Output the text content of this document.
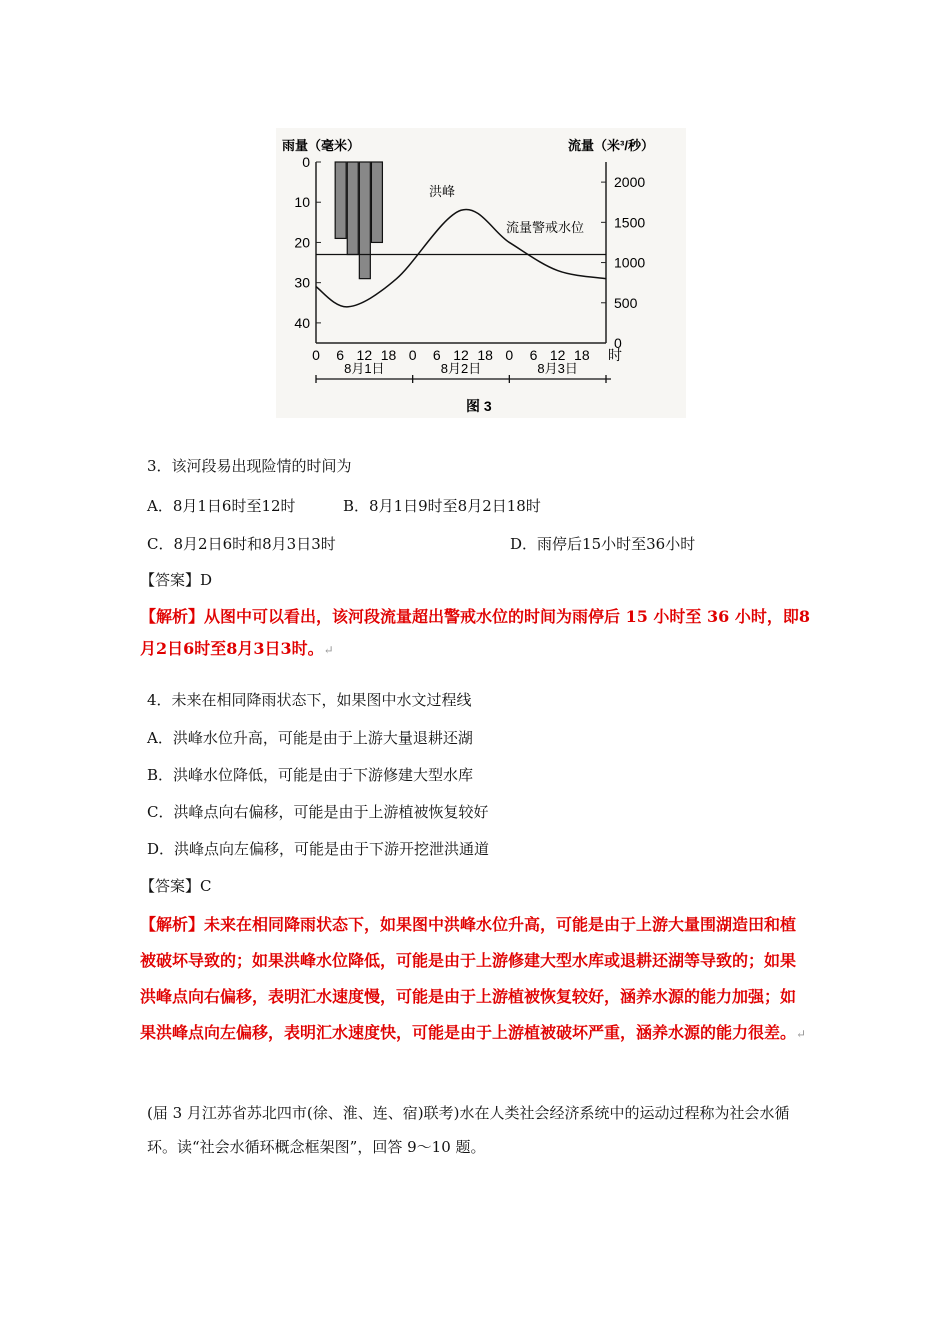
雨量（毫米）	流量（米³/秒）
0
10
20
30
40
2000
1500
1000
500
0
洪峰
流量警戒水位
0 6 12 18 0 6 12 18 0 6 12 18 时
8月1日	8月2日	8月3日
图 3
3．该河段易出现险情的时间为
A．8月1日6时至12时	B．8月1日9时至8月2日18时
C．8月2日6时和8月3日3时	D．雨停后15小时至36小时
【答案】D
【解析】从图中可以看出，该河段流量超出警戒水位的时间为雨停后 15 小时至 36 小时，即8月2日6时至8月3日3时。↵
4．未来在相同降雨状态下，如果图中水文过程线
A．洪峰水位升高，可能是由于上游大量退耕还湖
B．洪峰水位降低，可能是由于下游修建大型水库
C．洪峰点向右偏移，可能是由于上游植被恢复较好
D．洪峰点向左偏移，可能是由于下游开挖泄洪通道
【答案】C
【解析】未来在相同降雨状态下，如果图中洪峰水位升高，可能是由于上游大量围湖造田和植被破坏导致的；如果洪峰水位降低，可能是由于上游修建大型水库或退耕还湖等导致的；如果洪峰点向右偏移，表明汇水速度慢，可能是由于上游植被恢复较好，涵养水源的能力加强；如果洪峰点向左偏移，表明汇水速度快，可能是由于上游植被破坏严重，涵养水源的能力很差。↵
(届 3 月江苏省苏北四市(徐、淮、连、宿)联考)水在人类社会经济系统中的运动过程称为社会水循环。读“社会水循环概念框架图”，回答 9～10 题。
